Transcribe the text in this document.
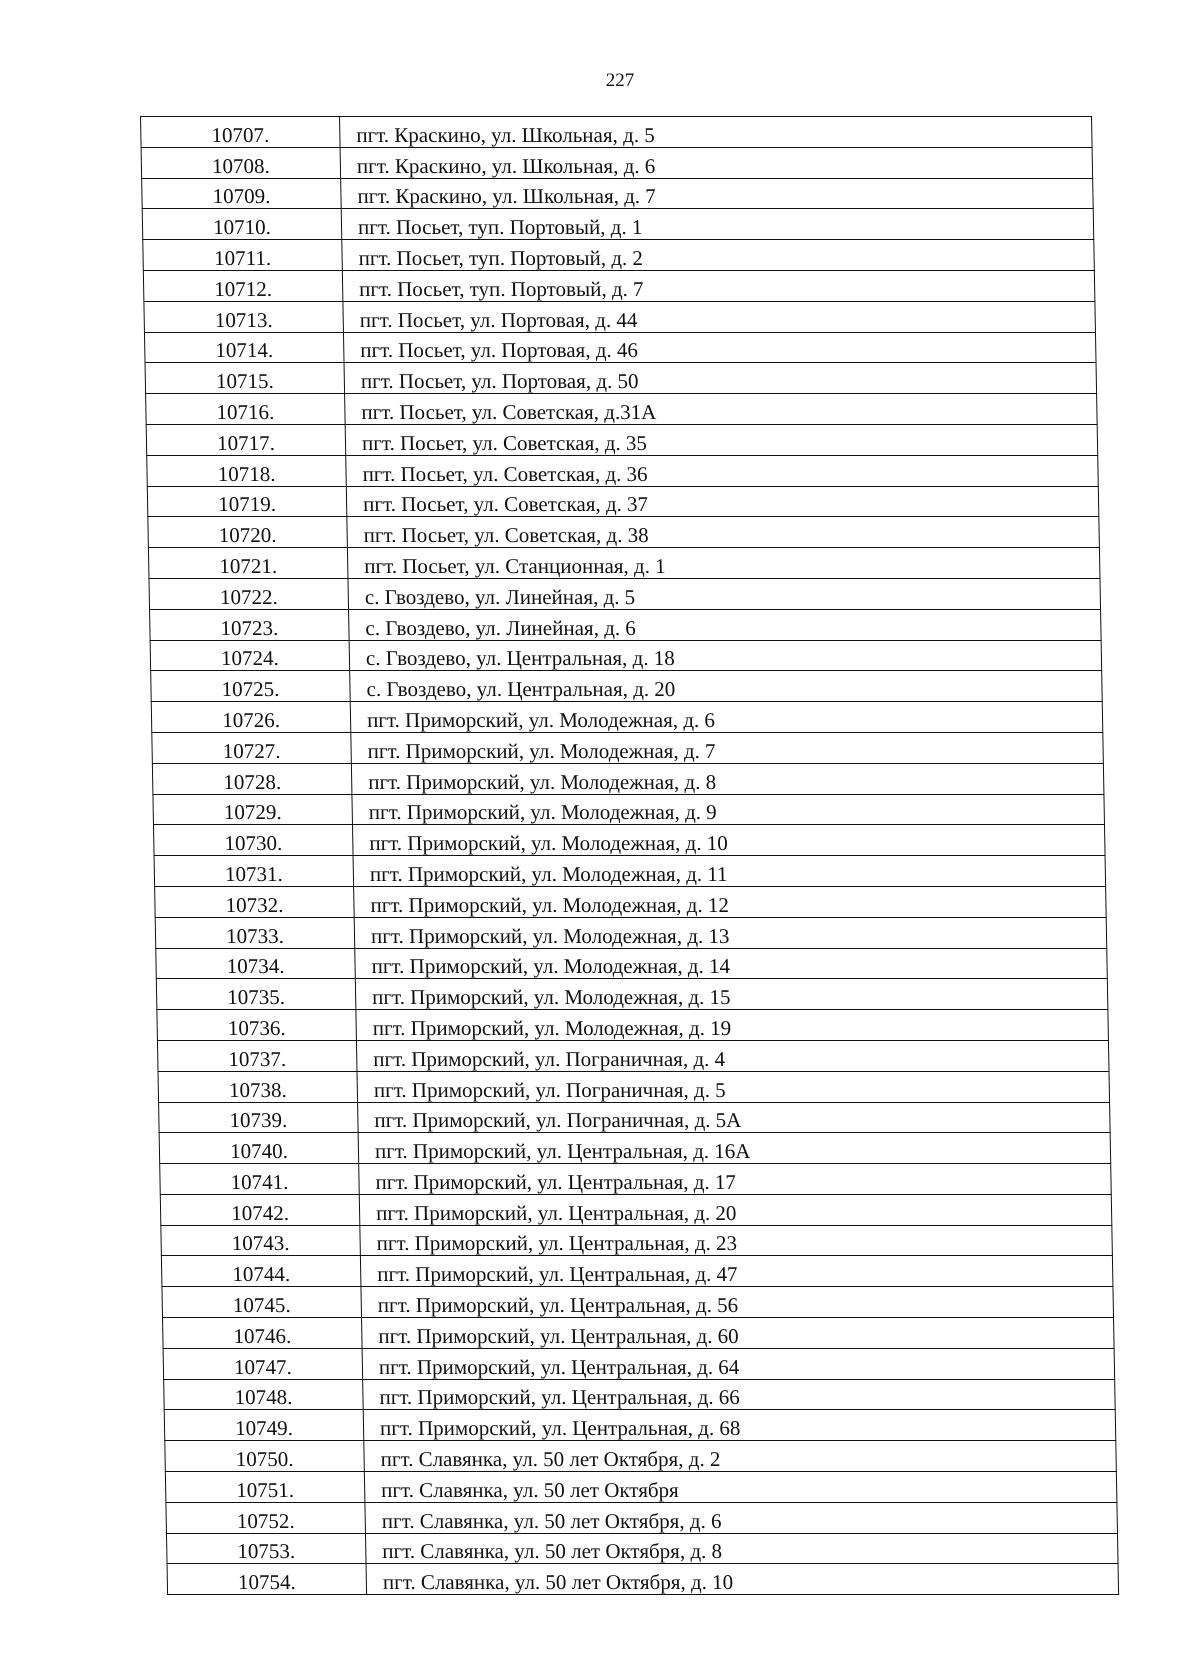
227
10707.	пгт. Краскино, ул. Школьная, д. 5
10708.	пгт. Краскино, ул. Школьная, д. 6
10709.	пгт. Краскино, ул. Школьная, д. 7
10710.	пгт. Посьет, туп. Портовый, д. 1
10711.	пгт. Посьет, туп. Портовый, д. 2
10712.	пгт. Посьет, туп. Портовый, д. 7
10713.	пгт. Посьет, ул. Портовая, д. 44
10714.	пгт. Посьет, ул. Портовая, д. 46
10715.	пгт. Посьет, ул. Портовая, д. 50
10716.	пгт. Посьет, ул. Советская, д.31А
10717.	пгт. Посьет, ул. Советская, д. 35
10718.	пгт. Посьет, ул. Советская, д. 36
10719.	пгт. Посьет, ул. Советская, д. 37
10720.	пгт. Посьет, ул. Советская, д. 38
10721.	пгт. Посьет, ул. Станционная, д. 1
10722.	с. Гвоздево, ул. Линейная, д. 5
10723.	с. Гвоздево, ул. Линейная, д. 6
10724.	с. Гвоздево, ул. Центральная, д. 18
10725.	с. Гвоздево, ул. Центральная, д. 20
10726.	пгт. Приморский, ул. Молодежная, д. 6
10727.	пгт. Приморский, ул. Молодежная, д. 7
10728.	пгт. Приморский, ул. Молодежная, д. 8
10729.	пгт. Приморский, ул. Молодежная, д. 9
10730.	пгт. Приморский, ул. Молодежная, д. 10
10731.	пгт. Приморский, ул. Молодежная, д. 11
10732.	пгт. Приморский, ул. Молодежная, д. 12
10733.	пгт. Приморский, ул. Молодежная, д. 13
10734.	пгт. Приморский, ул. Молодежная, д. 14
10735.	пгт. Приморский, ул. Молодежная, д. 15
10736.	пгт. Приморский, ул. Молодежная, д. 19
10737.	пгт. Приморский, ул. Пограничная, д. 4
10738.	пгт. Приморский, ул. Пограничная, д. 5
10739.	пгт. Приморский, ул. Пограничная, д. 5А
10740.	пгт. Приморский, ул. Центральная, д. 16А
10741.	пгт. Приморский, ул. Центральная, д. 17
10742.	пгт. Приморский, ул. Центральная, д. 20
10743.	пгт. Приморский, ул. Центральная, д. 23
10744.	пгт. Приморский, ул. Центральная, д. 47
10745.	пгт. Приморский, ул. Центральная, д. 56
10746.	пгт. Приморский, ул. Центральная, д. 60
10747.	пгт. Приморский, ул. Центральная, д. 64
10748.	пгт. Приморский, ул. Центральная, д. 66
10749.	пгт. Приморский, ул. Центральная, д. 68
10750.	пгт. Славянка, ул. 50 лет Октября, д. 2
10751.	пгт. Славянка, ул. 50 лет Октября
10752.	пгт. Славянка, ул. 50 лет Октября, д. 6
10753.	пгт. Славянка, ул. 50 лет Октября, д. 8
10754.	пгт. Славянка, ул. 50 лет Октября, д. 10
